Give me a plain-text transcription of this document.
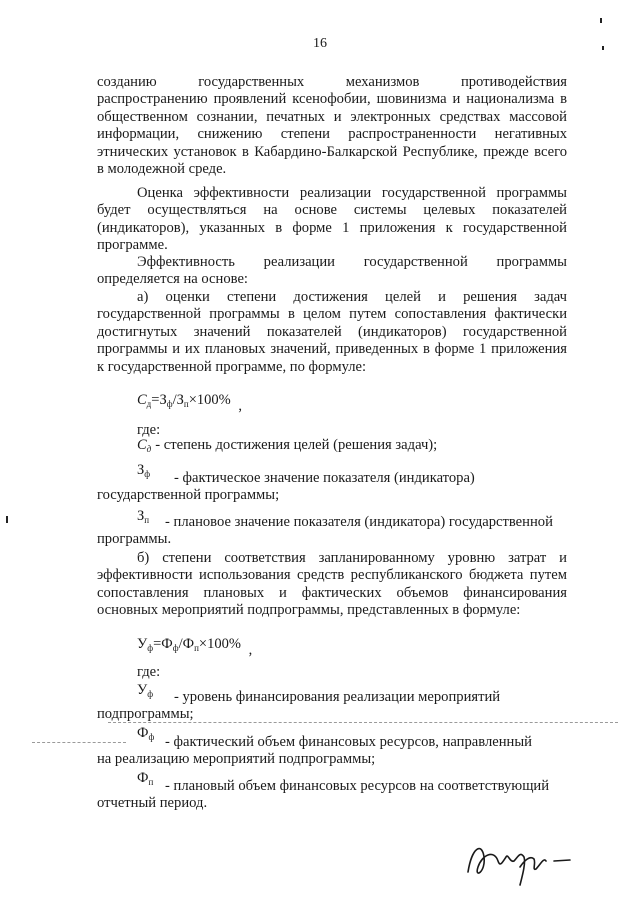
16

созданию государственных механизмов противодействия распространению проявлений ксенофобии, шовинизма и национализма в общественном сознании, печатных и электронных средствах массовой информации, снижению степени распространенности негативных этнических установок в Кабардино-Балкарской Республике, прежде всего в молодежной среде.

Оценка эффективности реализации государственной программы будет осуществляться на основе системы целевых показателей (индикаторов), указанных в форме 1 приложения к государственной программе.

Эффективность реализации государственной программы определяется на основе:

а) оценки степени достижения целей и решения задач государственной программы в целом путем сопоставления фактически достигнутых значений показателей (индикаторов) государственной программы и их плановых значений, приведенных в форме 1 приложения к государственной программе, по формуле:

$С_д=З_ф/З_п\times 100\%$ ,
где:
$С_д$ - степень достижения целей (решения задач);
$З_ф$	- фактическое значение показателя (индикатора)
государственной программы;
$З_п$	- плановое значение показателя (индикатора) государственной
программы.

б) степени соответствия запланированному уровню затрат и эффективности использования средств республиканского бюджета путем сопоставления плановых и фактических объемов финансирования основных мероприятий подпрограммы, представленных в формуле:

$У_ф=Ф_ф/Ф_п\times 100\%$ ,
где:
$У_ф$	- уровень финансирования реализации мероприятий
подпрограммы;
$Ф_ф$ - фактический объем финансовых ресурсов, направленный
на реализацию мероприятий подпрограммы;
$Ф_п$ - плановый объем финансовых ресурсов на соответствующий
отчетный период.
